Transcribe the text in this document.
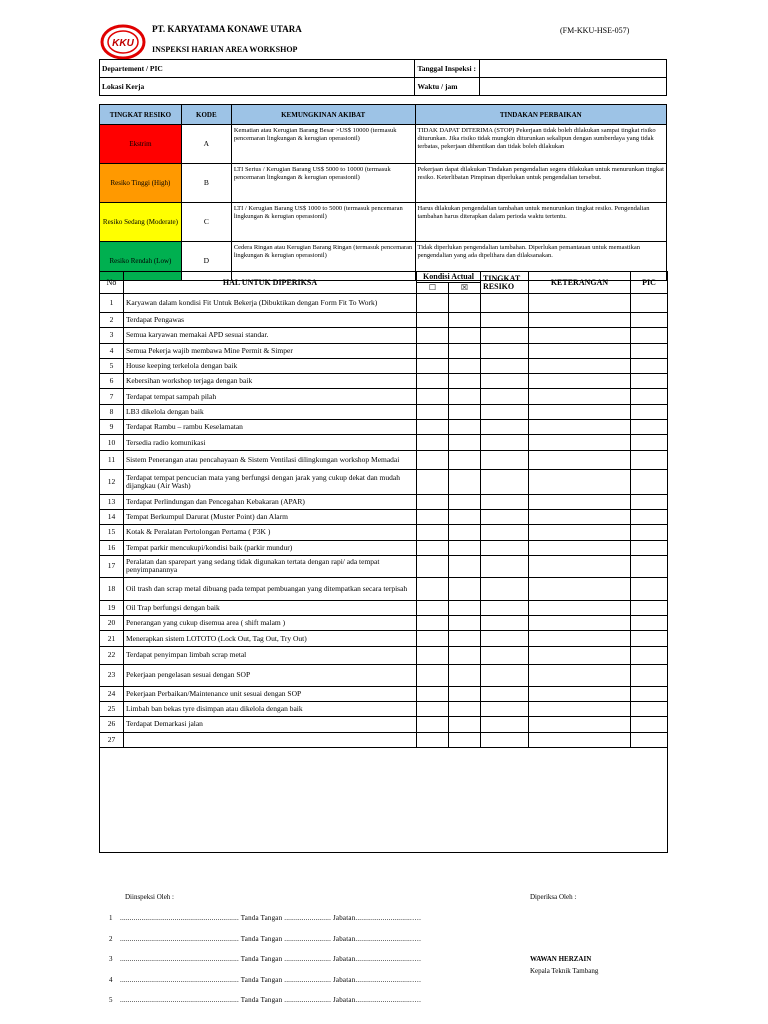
KKU
PT. KARYATAMA KONAWE UTARA	(FM-KKU-HSE-057)
INSPEKSI HARIAN AREA WORKSHOP
Departement / PIC	Tanggal Inspeksi :	
Lokasi Kerja	Waktu / jam	
TINGKAT RESIKO	KODE	KEMUNGKINAN AKIBAT	TINDAKAN PERBAIKAN
Ekstrim	A	Kematian atau Kerugian Barang Besar >US$ 10000 (termasuk pencemaran lingkungan & kerugian operasionil)	TIDAK DAPAT DITERIMA (STOP) Pekerjaan tidak boleh dilakukan sampai tingkat risiko diturunkan. Jika risiko tidak mungkin diturunkan sekalipun dengan sumberdaya yang tidak terbatas, pekerjaan dihentikan dan tidak boleh dilakukan
Resiko Tinggi (High)	B	LTI Serius / Kerugian Barang US$ 5000 to 10000 (termasuk pencemaran lingkungan & kerugian operasionil)	Pekerjaan dapat dilakukan Tindakan pengendalian segera dilakukan untuk menurunkan tingkat resiko. Keterlibatan Pimpinan diperlukan untuk pengendalian tersebut.
Resiko Sedang (Moderate)	C	LTI / Kerugian Barang US$ 1000 to 5000 (termasuk pencemaran lingkungan & kerugian operasionil)	Harus dilakukan pengendalian tambahan untuk menurunkan tingkat resiko. Pengendalian tambahan harus diterapkan dalam perioda waktu tertentu.
Resiko Rendah (Low)	D	Cedera Ringan atau Kerugian Barang Ringan (termasuk pencemaran lingkungan & kerugian operasionil)	Tidak diperlukan pengendalian tambahan. Diperlukan pemantauan untuk memastikan pengendalian yang ada dipelihara dan dilaksanakan.
No	HAL UNTUK DIPERIKSA	Kondisi Actual		TINGKAT RESIKO	KETERANGAN	PIC
		☐	☒			
1	Karyawan dalam kondisi Fit Untuk Bekerja (Dibuktikan dengan Form Fit To Work)					
2	Terdapat Pengawas					
3	Semua karyawan memakai APD sesuai standar.					
4	Semua Pekerja wajib membawa Mine Permit & Simper					
5	House keeping terkelola dengan baik					
6	Kebersihan workshop terjaga dengan baik					
7	Terdapat tempat sampah pilah					
8	LB3 dikelola dengan baik					
9	Terdapat Rambu – rambu Keselamatan					
10	Tersedia radio komunikasi					
11	Sistem Penerangan atau pencahayaan & Sistem Ventilasi dilingkungan workshop Memadai					
12	Terdapat tempat pencucian mata yang berfungsi dengan jarak yang cukup dekat dan mudah dijangkau (Air Wash)					
13	Terdapat Perlindungan dan Pencegahan Kebakaran (APAR)					
14	Tempat Berkumpul Darurat (Muster Point) dan Alarm					
15	Kotak & Peralatan Pertolongan Pertama ( P3K )					
16	Tempat parkir mencukupi/kondisi baik (parkir mundur)					
17	Peralatan dan sparepart yang sedang tidak digunakan tertata dengan rapi/ ada tempat penyimpanannya					
18	Oil trash dan scrap metal dibuang pada tempat pembuangan yang ditempatkan secara terpisah					
19	Oil Trap berfungsi dengan baik					
20	Penerangan yang cukup disemua area ( shift malam )					
21	Menerapkan sistem LOTOTO (Lock Out, Tag Out, Try Out)					
22	Terdapat penyimpan limbah scrap metal					
23	Pekerjaan pengelasan sesuai dengan SOP					
24	Pekerjaan Perbaikan/Maintenance unit sesuai dengan SOP					
25	Limbah ban bekas tyre disimpan atau dikelola dengan baik					
26	Terdapat Demarkasi jalan					
27						

Diinspeksi Oleh :	Diperiksa Oleh :
1 ............................................................. Tanda Tangan ........................ Jabatan.............................….
2 ............................................................. Tanda Tangan ........................ Jabatan.............................….
3 ............................................................. Tanda Tangan ........................ Jabatan.............................….
4 ............................................................. Tanda Tangan ........................ Jabatan.............................….
5 ............................................................. Tanda Tangan ........................ Jabatan.............................….
WAWAN HERZAIN
Kepala Teknik Tambang
